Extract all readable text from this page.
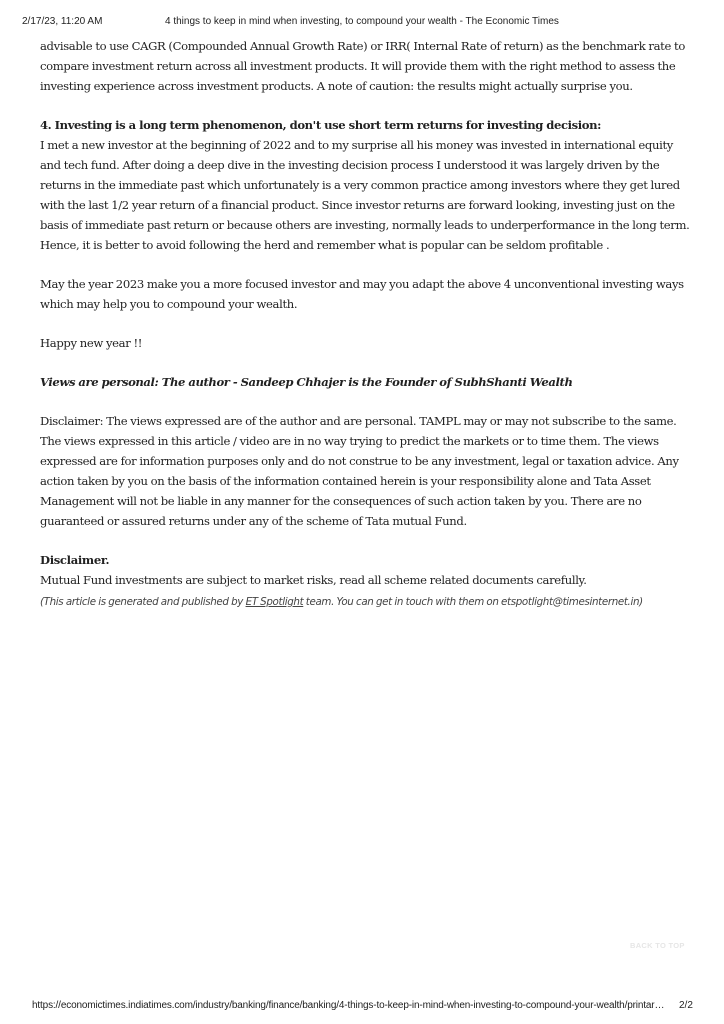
2/17/23, 11:20 AM	4 things to keep in mind when investing, to compound your wealth - The Economic Times

advisable to use CAGR (Compounded Annual Growth Rate) or IRR( Internal Rate of return) as the benchmark rate to compare investment return across all investment products. It will provide them with the right method to assess the investing experience across investment products. A note of caution: the results might actually surprise you.

4. Investing is a long term phenomenon, don't use short term returns for investing decision:

I met a new investor at the beginning of 2022 and to my surprise all his money was invested in international equity and tech fund. After doing a deep dive in the investing decision process I understood it was largely driven by the returns in the immediate past which unfortunately is a very common practice among investors where they get lured with the last 1/2 year return of a financial product. Since investor returns are forward looking, investing just on the basis of immediate past return or because others are investing, normally leads to underperformance in the long term. Hence, it is better to avoid following the herd and remember what is popular can be seldom profitable .

May the year 2023 make you a more focused investor and may you adapt the above 4 unconventional investing ways which may help you to compound your wealth.

Happy new year !!

Views are personal: The author - Sandeep Chhajer is the Founder of SubhShanti Wealth

Disclaimer: The views expressed are of the author and are personal. TAMPL may or may not subscribe to the same. The views expressed in this article / video are in no way trying to predict the markets or to time them. The views expressed are for information purposes only and do not construe to be any investment, legal or taxation advice. Any action taken by you on the basis of the information contained herein is your responsibility alone and Tata Asset Management will not be liable in any manner for the consequences of such action taken by you. There are no guaranteed or assured returns under any of the scheme of Tata mutual Fund.

Disclaimer.

Mutual Fund investments are subject to market risks, read all scheme related documents carefully.

(This article is generated and published by ET Spotlight team. You can get in touch with them on etspotlight@timesinternet.in)

BACK TO TOP
https://economictimes.indiatimes.com/industry/banking/finance/banking/4-things-to-keep-in-mind-when-investing-to-compound-your-wealth/printar…	2/2
